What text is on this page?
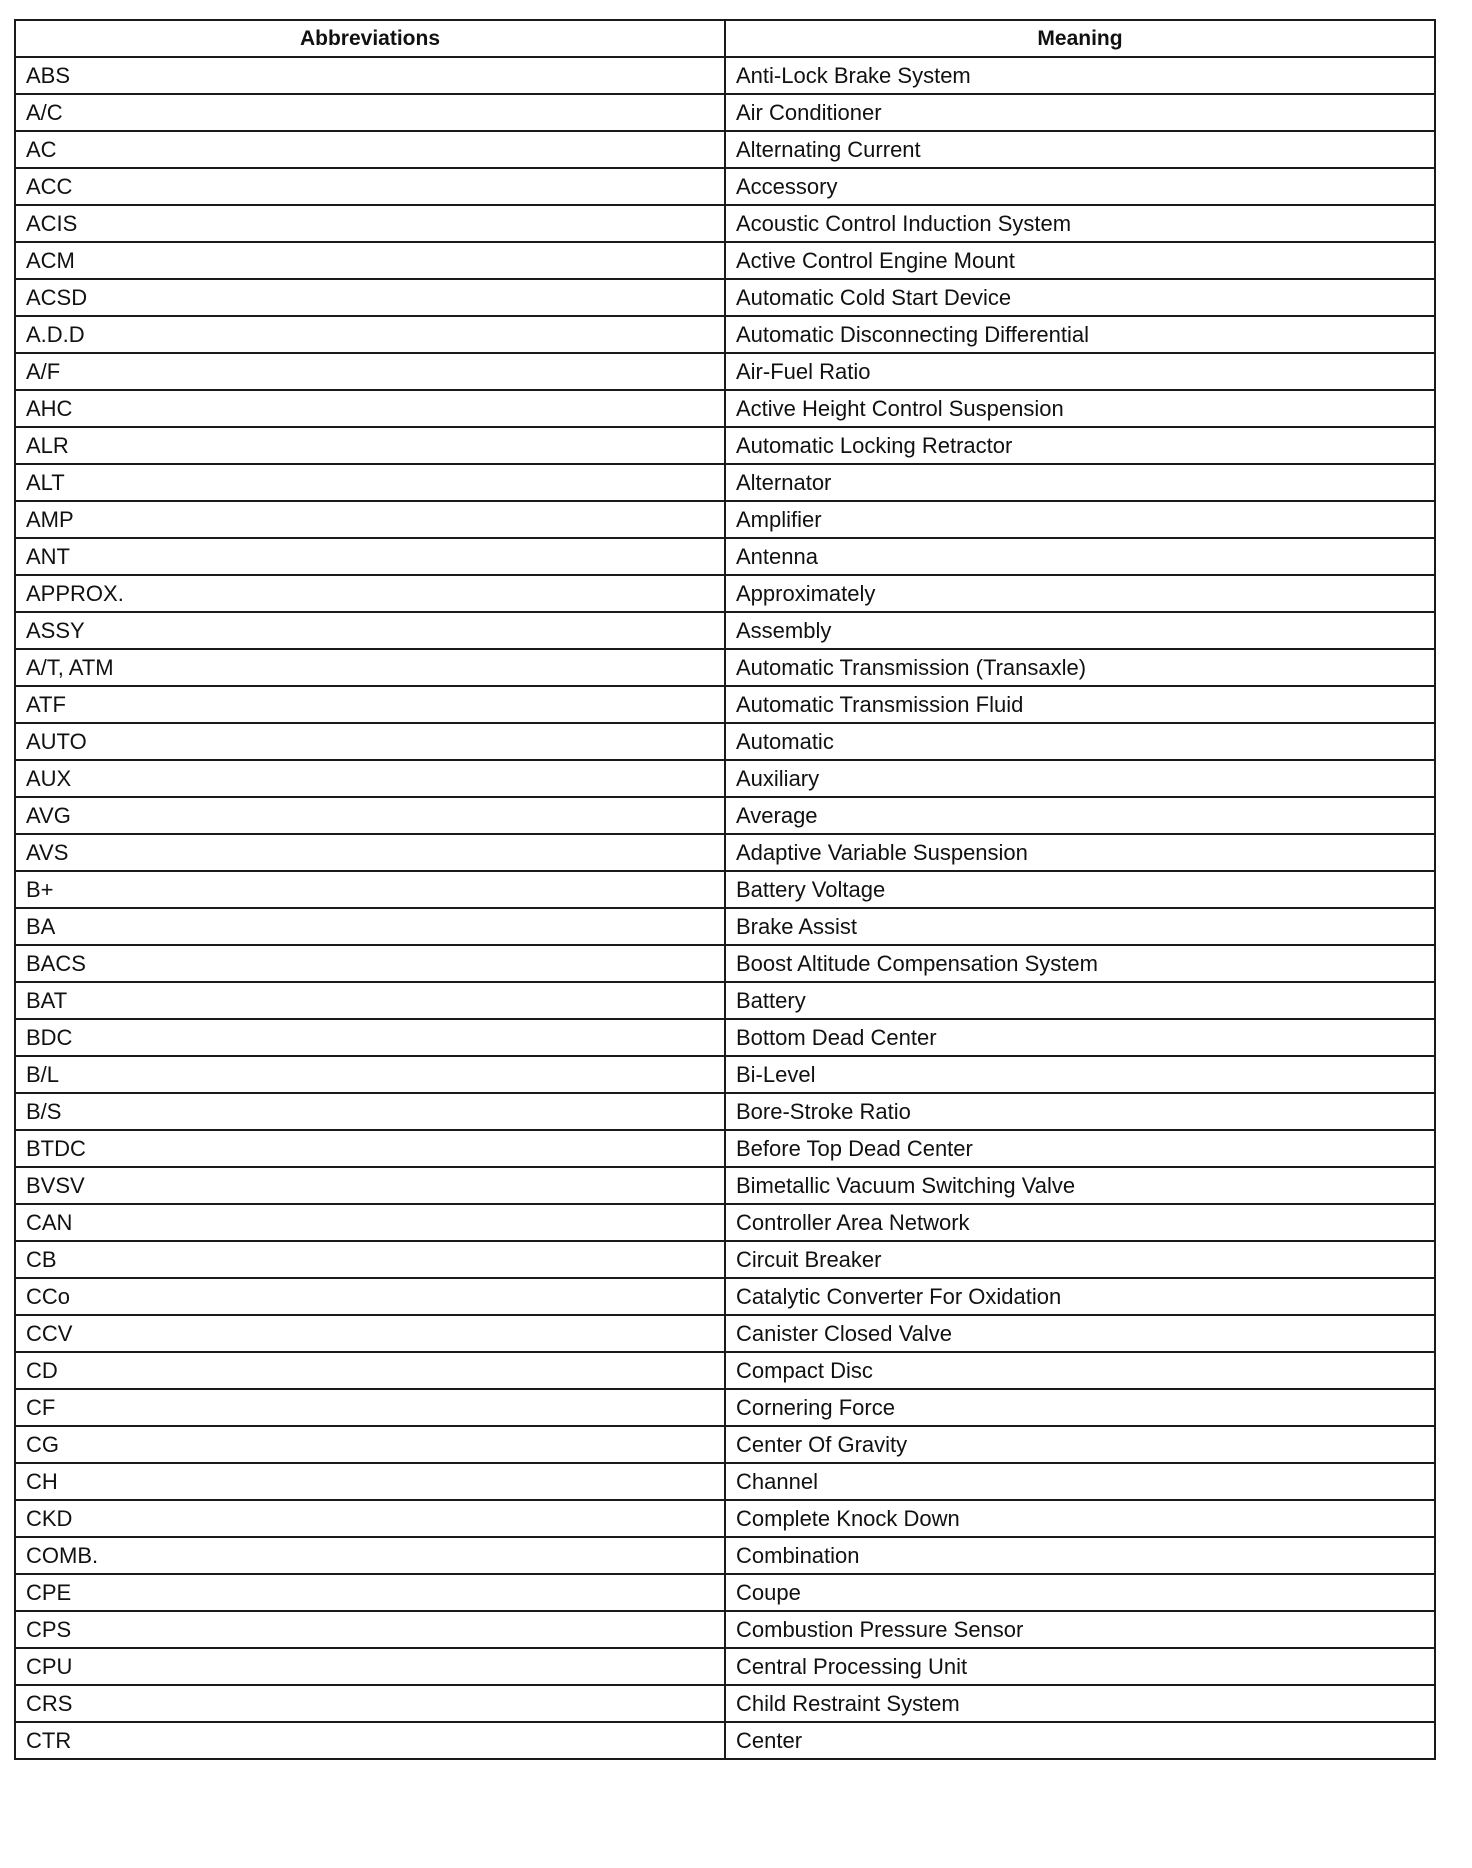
Abbreviations	Meaning
ABS	Anti-Lock Brake System
A/C	Air Conditioner
AC	Alternating Current
ACC	Accessory
ACIS	Acoustic Control Induction System
ACM	Active Control Engine Mount
ACSD	Automatic Cold Start Device
A.D.D	Automatic Disconnecting Differential
A/F	Air-Fuel Ratio
AHC	Active Height Control Suspension
ALR	Automatic Locking Retractor
ALT	Alternator
AMP	Amplifier
ANT	Antenna
APPROX.	Approximately
ASSY	Assembly
A/T, ATM	Automatic Transmission (Transaxle)
ATF	Automatic Transmission Fluid
AUTO	Automatic
AUX	Auxiliary
AVG	Average
AVS	Adaptive Variable Suspension
B+	Battery Voltage
BA	Brake Assist
BACS	Boost Altitude Compensation System
BAT	Battery
BDC	Bottom Dead Center
B/L	Bi-Level
B/S	Bore-Stroke Ratio
BTDC	Before Top Dead Center
BVSV	Bimetallic Vacuum Switching Valve
CAN	Controller Area Network
CB	Circuit Breaker
CCo	Catalytic Converter For Oxidation
CCV	Canister Closed Valve
CD	Compact Disc
CF	Cornering Force
CG	Center Of Gravity
CH	Channel
CKD	Complete Knock Down
COMB.	Combination
CPE	Coupe
CPS	Combustion Pressure Sensor
CPU	Central Processing Unit
CRS	Child Restraint System
CTR	Center
